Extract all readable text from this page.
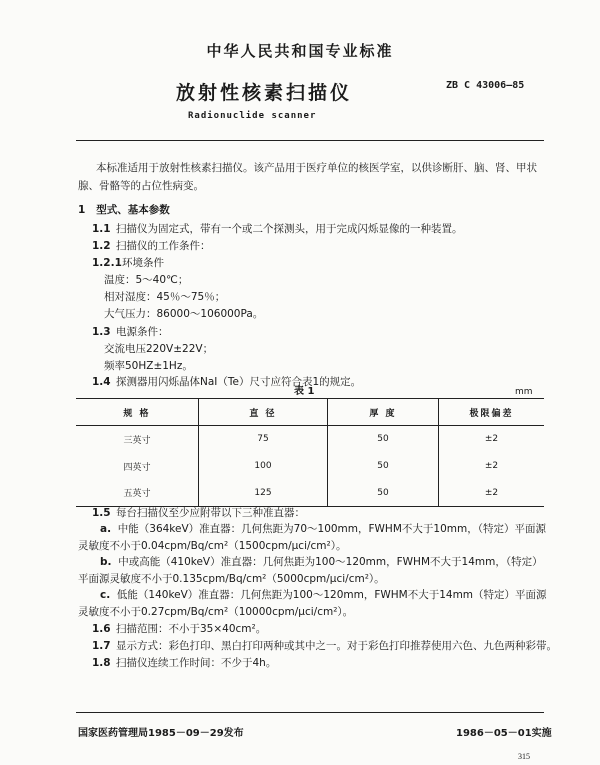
中华人民共和国专业标准
放射性核素扫描仪	ZB C 43006—85
Radionuclide scanner
本标准适用于放射性核素扫描仪。该产品用于医疗单位的核医学室，以供诊断肝、脑、肾、甲状
腺、骨骼等的占位性病变。
1 型式、基本参数
1.1 扫描仪为固定式，带有一个或二个探测头，用于完成闪烁显像的一种装置。
1.2 扫描仪的工作条件：
1.2.1环境条件
温度：5～40℃；
相对湿度：45％～75％；
大气压力：86000～106000Pa。
1.3 电源条件：
交流电压220V±22V；
频率50HZ±1Hz。
1.4 探测器用闪烁晶体NaI（Te）尺寸应符合表1的规定。
表 1	mm
规 格	直 径	厚 度	极限偏差
三英寸	75	50	±2
四英寸	100	50	±2
五英寸	125	50	±2
1.5 每台扫描仪至少应附带以下三种准直器：
a. 中能（364keV）准直器：几何焦距为70～100mm，FWHM不大于10mm，（特定）平面源
灵敏度不小于0.04cpm/Bq/cm²（1500cpm/μci/cm²）。
b. 中或高能（410keV）准直器：几何焦距为100～120mm，FWHM不大于14mm，（特定）
平面源灵敏度不小于0.135cpm/Bq/cm²（5000cpm/μci/cm²）。
c. 低能（140keV）准直器：几何焦距为100～120mm，FWHM不大于14mm（特定）平面源
灵敏度不小于0.27cpm/Bq/cm²（10000cpm/μci/cm²）。
1.6 扫描范围：不小于35×40cm²。
1.7 显示方式：彩色打印、黑白打印两种或其中之一。对于彩色打印推荐使用六色、九色两种彩带。
1.8 扫描仪连续工作时间：不少于4h。
国家医药管理局1985－09－29发布	1986－05－01实施
315
